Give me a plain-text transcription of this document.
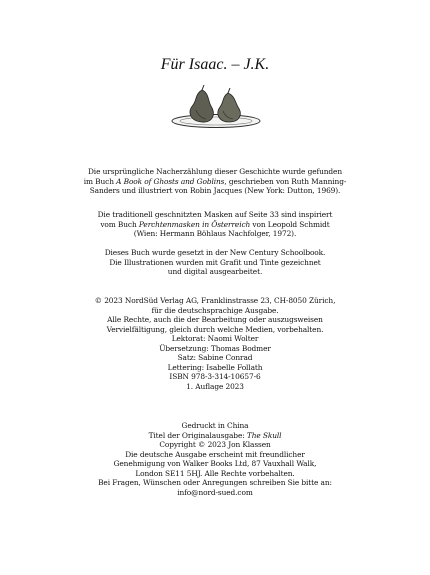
Für Isaac. – J.K.
Die ursprüngliche Nacherzählung dieser Geschichte wurde gefunden
im Buch A Book of Ghosts and Goblins, geschrieben von Ruth Manning-
Sanders und illustriert von Robin Jacques (New York: Dutton, 1969).
Die traditionell geschnitzten Masken auf Seite 33 sind inspiriert
vom Buch Perchtenmasken in Österreich von Leopold Schmidt
(Wien: Hermann Böhlaus Nachfolger, 1972).
Dieses Buch wurde gesetzt in der New Century Schoolbook.
Die Illustrationen wurden mit Grafit und Tinte gezeichnet
und digital ausgearbeitet.
© 2023 NordSüd Verlag AG, Franklinstrasse 23, CH-8050 Zürich,
für die deutschsprachige Ausgabe.
Alle Rechte, auch die der Bearbeitung oder auszugsweisen
Vervielfältigung, gleich durch welche Medien, vorbehalten.
Lektorat: Naomi Wolter
Übersetzung: Thomas Bodmer
Satz: Sabine Conrad
Lettering: Isabelle Follath
ISBN 978-3-314-10657-6
1. Auflage 2023
Gedruckt in China
Titel der Originalausgabe: The Skull
Copyright © 2023 Jon Klassen
Die deutsche Ausgabe erscheint mit freundlicher
Genehmigung von Walker Books Ltd, 87 Vauxhall Walk,
London SE11 5HJ. Alle Rechte vorbehalten.
Bei Fragen, Wünschen oder Anregungen schreiben Sie bitte an:
info@nord-sued.com
